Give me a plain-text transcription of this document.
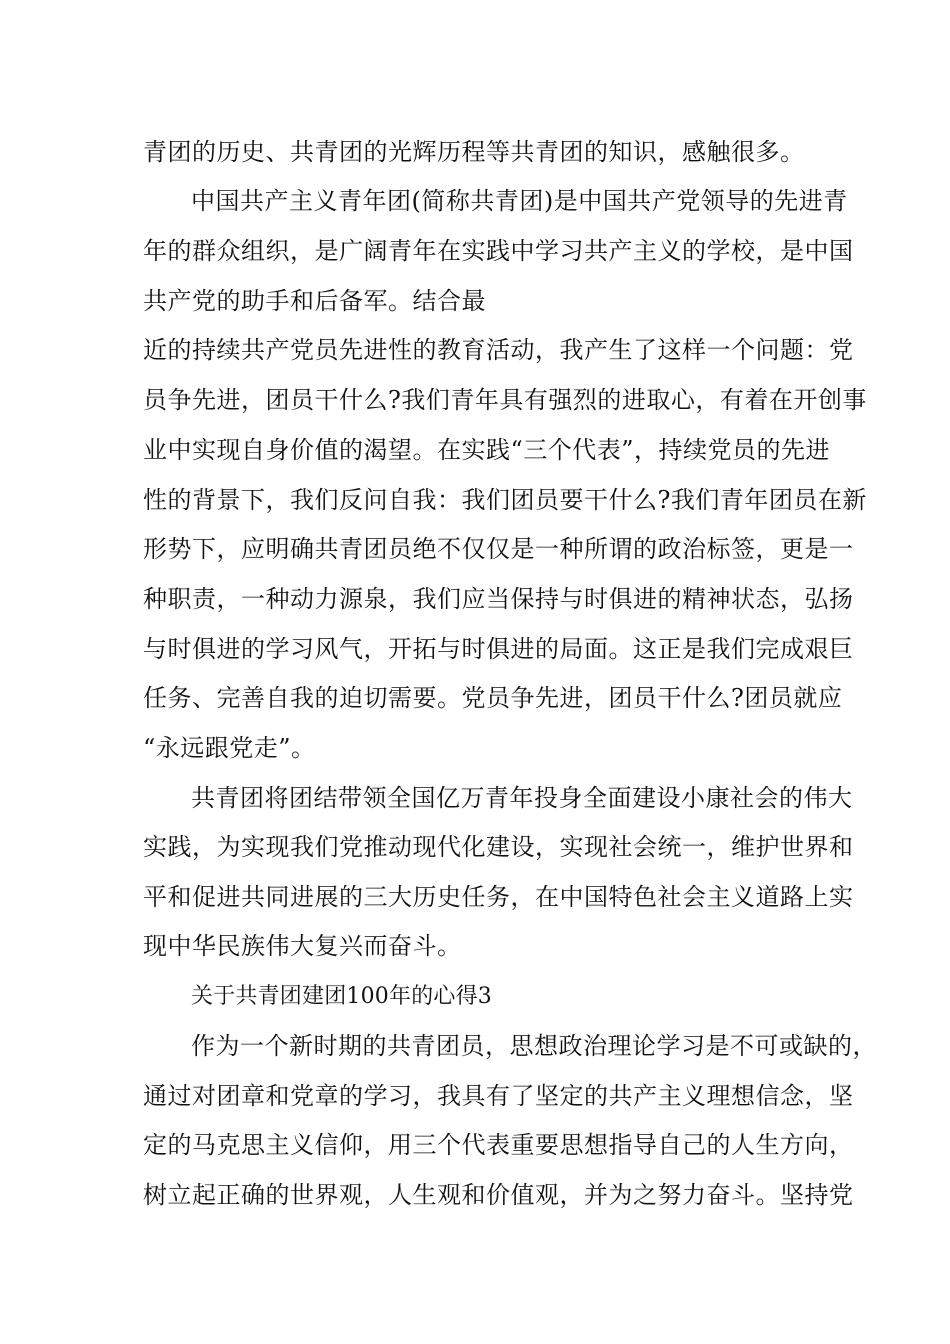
青团的历史、共青团的光辉历程等共青团的知识，感触很多。
中国共产主义青年团(简称共青团)是中国共产党领导的先进青
年的群众组织，是广阔青年在实践中学习共产主义的学校，是中国
共产党的助手和后备军。结合最
近的持续共产党员先进性的教育活动，我产生了这样一个问题：党
员争先进，团员干什么?我们青年具有强烈的进取心，有着在开创事
业中实现自身价值的渴望。在实践“三个代表”，持续党员的先进
性的背景下，我们反问自我：我们团员要干什么?我们青年团员在新
形势下，应明确共青团员绝不仅仅是一种所谓的政治标签，更是一
种职责，一种动力源泉，我们应当保持与时俱进的精神状态，弘扬
与时俱进的学习风气，开拓与时俱进的局面。这正是我们完成艰巨
任务、完善自我的迫切需要。党员争先进，团员干什么?团员就应
“永远跟党走”。
共青团将团结带领全国亿万青年投身全面建设小康社会的伟大
实践，为实现我们党推动现代化建设，实现社会统一，维护世界和
平和促进共同进展的三大历史任务，在中国特色社会主义道路上实
现中华民族伟大复兴而奋斗。
关于共青团建团100年的心得3
作为一个新时期的共青团员，思想政治理论学习是不可或缺的，
通过对团章和党章的学习，我具有了坚定的共产主义理想信念，坚
定的马克思主义信仰，用三个代表重要思想指导自己的人生方向，
树立起正确的世界观，人生观和价值观，并为之努力奋斗。坚持党
